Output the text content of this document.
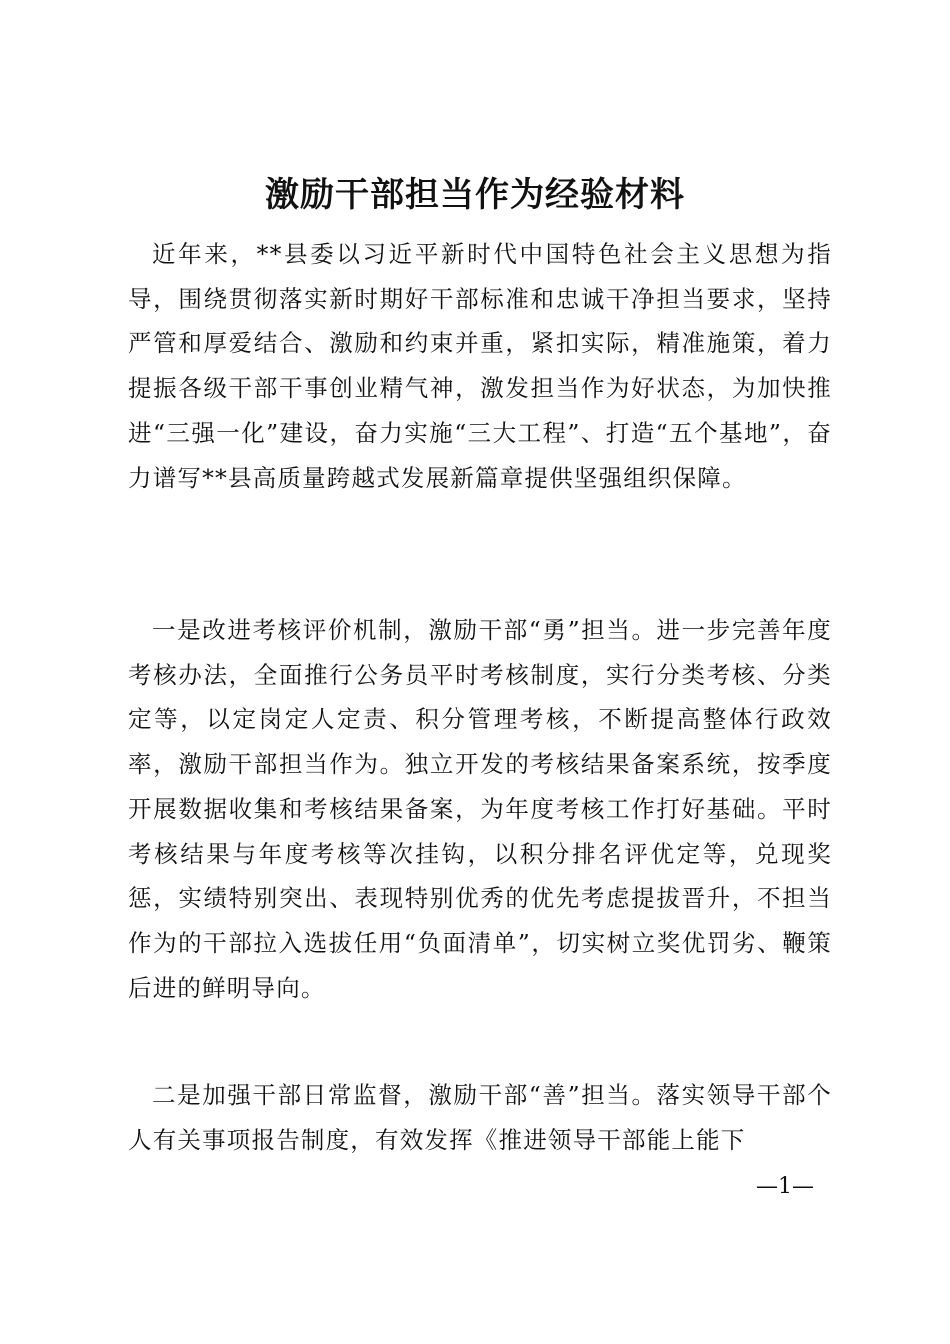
激励干部担当作为经验材料

近年来，**县委以习近平新时代中国特色社会主义思想为指导，围绕贯彻落实新时期好干部标准和忠诚干净担当要求，坚持严管和厚爱结合、激励和约束并重，紧扣实际，精准施策，着力提振各级干部干事创业精气神，激发担当作为好状态，为加快推进“三强一化”建设，奋力实施“三大工程”、打造“五个基地”，奋力谱写**县高质量跨越式发展新篇章提供坚强组织保障。

一是改进考核评价机制，激励干部“勇”担当。进一步完善年度考核办法，全面推行公务员平时考核制度，实行分类考核、分类定等，以定岗定人定责、积分管理考核，不断提高整体行政效率，激励干部担当作为。独立开发的考核结果备案系统，按季度开展数据收集和考核结果备案，为年度考核工作打好基础。平时考核结果与年度考核等次挂钩，以积分排名评优定等，兑现奖惩，实绩特别突出、表现特别优秀的优先考虑提拔晋升，不担当作为的干部拉入选拔任用“负面清单”，切实树立奖优罚劣、鞭策后进的鲜明导向。

二是加强干部日常监督，激励干部“善”担当。落实领导干部个人有关事项报告制度，有效发挥《推进领导干部能上能下

—1—
